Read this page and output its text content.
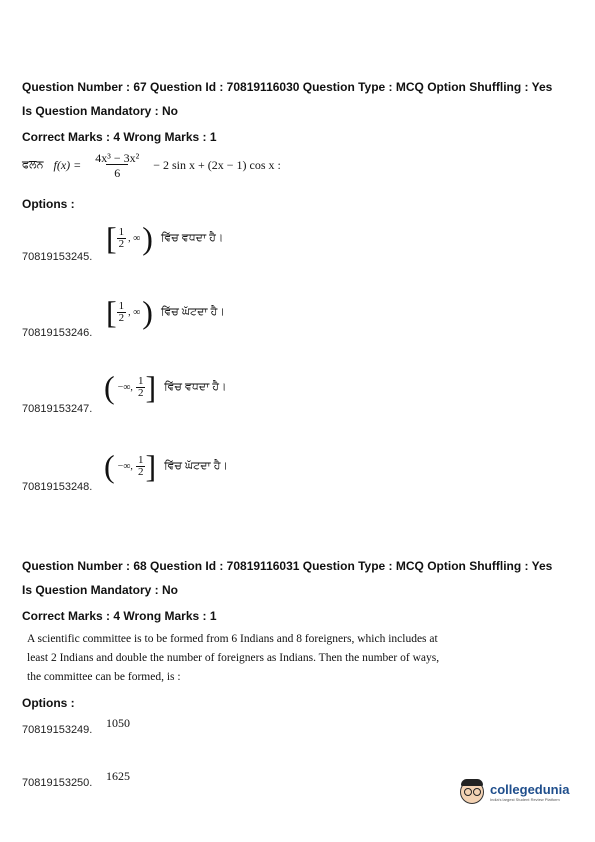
Question Number : 67 Question Id : 70819116030 Question Type : MCQ Option Shuffling : Yes
Is Question Mandatory : No
Correct Marks : 4 Wrong Marks : 1
ਫਲਨ $f(x) = \frac{\text{4x³ − 3x²}}{6} - 2$ sin x + (2x − 1) cos x :
Options :
[ $\frac{1}{2}$ , ∞ ) ਵਿੱਚ ਵਧਦਾ ਹੈ।
70819153245.
[ $\frac{1}{2}$ , ∞ ) ਵਿੱਚ ਘੱਟਦਾ ਹੈ।
70819153246.
( −∞, $\frac{1}{2}$ ] ਵਿੱਚ ਵਧਦਾ ਹੈ।
70819153247.
( −∞, $\frac{1}{2}$ ] ਵਿੱਚ ਘੱਟਦਾ ਹੈ।
70819153248.
Question Number : 68 Question Id : 70819116031 Question Type : MCQ Option Shuffling : Yes
Is Question Mandatory : No
Correct Marks : 4 Wrong Marks : 1
A scientific committee is to be formed from 6 Indians and 8 foreigners, which includes at
least 2 Indians and double the number of foreigners as Indians. Then the number of ways,
the committee can be formed, is :
Options :
70819153249. 1050
70819153250. 1625
collegedunia
India's largest Student Review Platform
